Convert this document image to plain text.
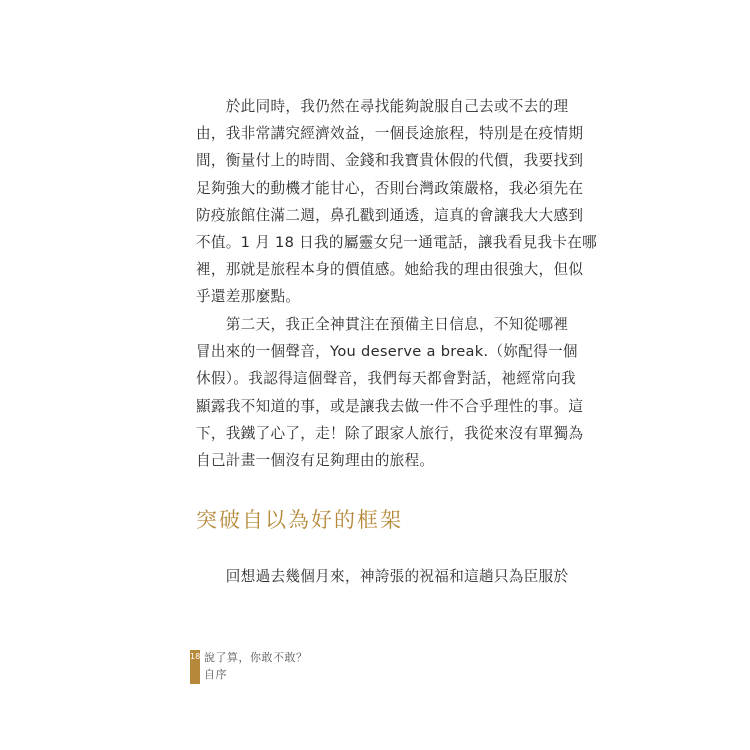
　　於此同時，我仍然在尋找能夠說服自己去或不去的理
由，我非常講究經濟效益，一個長途旅程，特別是在疫情期
間，衡量付上的時間、金錢和我寶貴休假的代價，我要找到
足夠強大的動機才能甘心，否則台灣政策嚴格，我必須先在
防疫旅館住滿二週，鼻孔戳到通透，這真的會讓我大大感到
不值。1 月 18 日我的屬靈女兒一通電話，讓我看見我卡在哪
裡，那就是旅程本身的價值感。她給我的理由很強大，但似
乎還差那麼點。
　　第二天，我正全神貫注在預備主日信息，不知從哪裡
冒出來的一個聲音，You deserve a break.（妳配得一個
休假）。我認得這個聲音，我們每天都會對話，祂經常向我
顯露我不知道的事，或是讓我去做一件不合乎理性的事。這
下，我鐵了心了，走！除了跟家人旅行，我從來沒有單獨為
自己計畫一個沒有足夠理由的旅程。
突破自以為好的框架
　　回想過去幾個月來，神誇張的祝福和這趟只為臣服於
18 說了算，你敢不敢？
自序
